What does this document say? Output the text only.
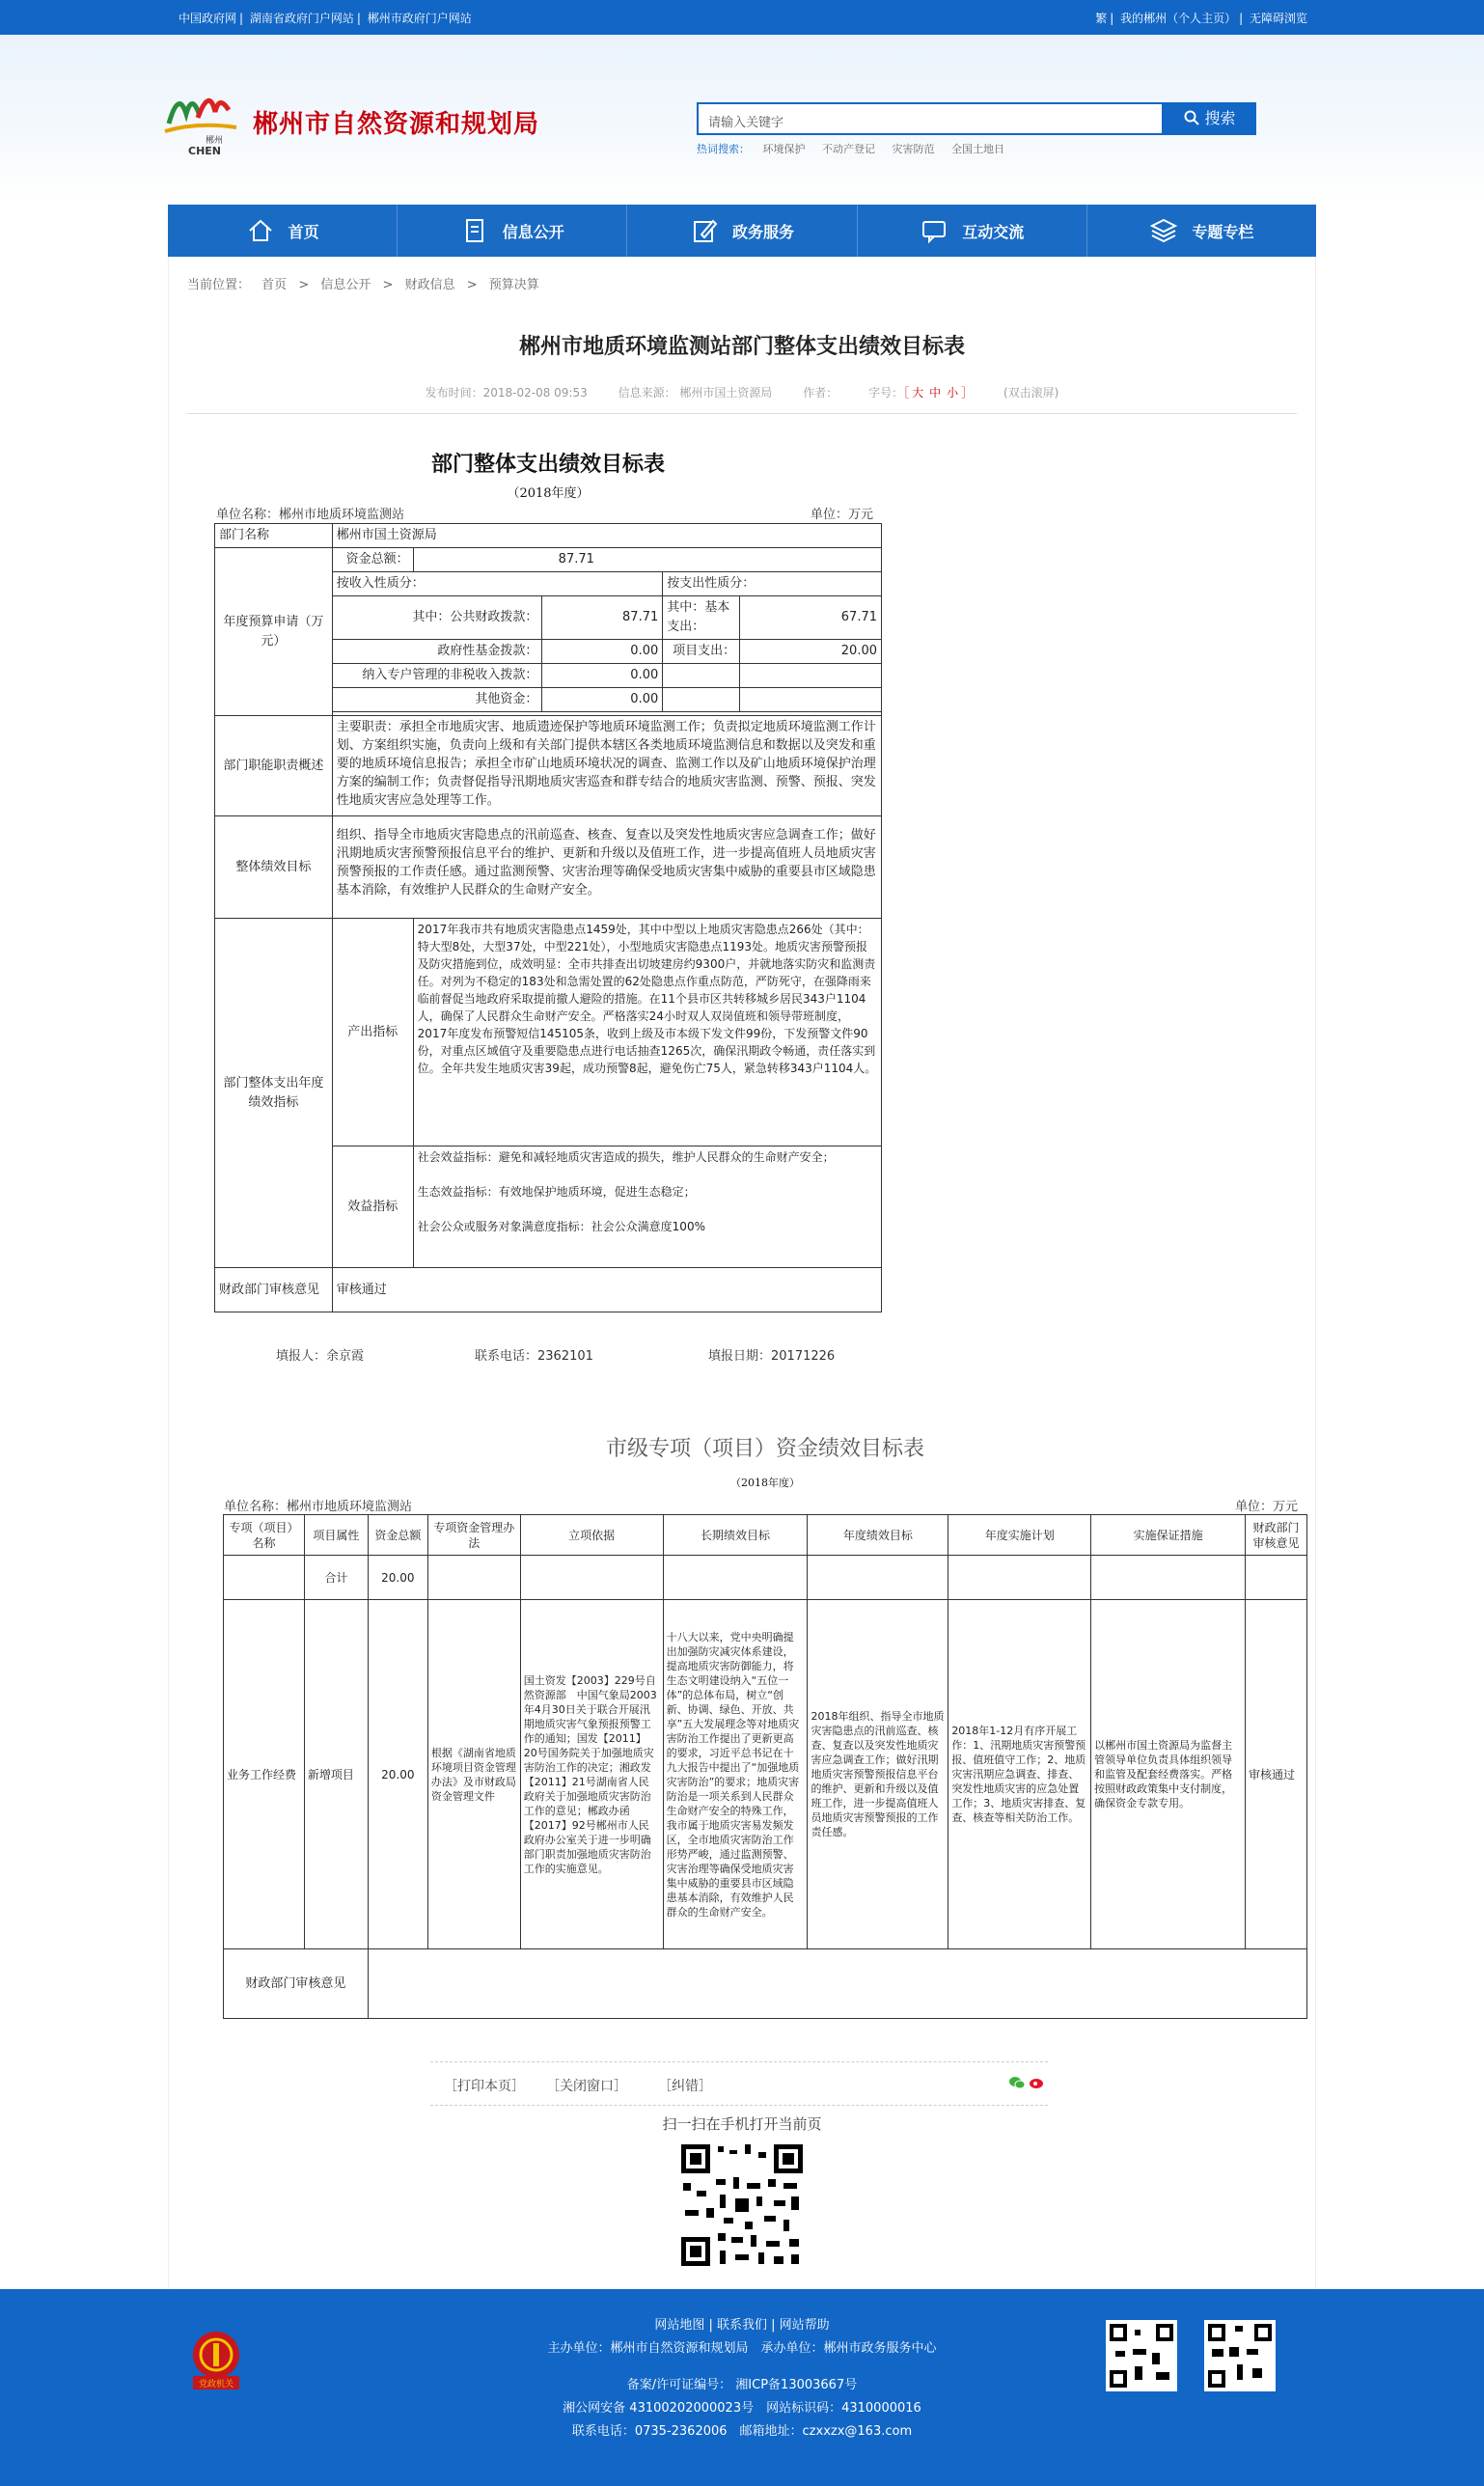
中国政府网 | 湖南省政府门户网站 | 郴州市政府门户网站	繁 | 我的郴州（个人主页） | 无障碍浏览
郴州
CHEN
郴州市自然资源和规划局	请输入关键字	搜索
热词搜索： 环境保护 不动产登记 灾害防范 全国土地日
首页	信息公开	政务服务	互动交流	专题专栏
当前位置： 首页 > 信息公开 > 财政信息 > 预算决算
郴州市地质环境监测站部门整体支出绩效目标表
发布时间：2018-02-08 09:53	信息来源： 郴州市国土资源局	作者：	字号：［ 大 中 小 ］	(双击滚屏)
部门整体支出绩效目标表
（2018年度）
单位名称：郴州市地质环境监测站	单位：万元
部门名称	郴州市国土资源局				
年度预算申请（万元）	资金总额：	87.71			
	按收入性质分：			按支出性质分：	
	其中：公共财政拨款：		87.71	其中：基本支出：	67.71
	政府性基金拨款：		0.00	项目支出：	20.00
	纳入专户管理的非税收入拨款：		0.00		
	其他资金：		0.00		

部门职能职责概述	主要职责：承担全市地质灾害、地质遗迹保护等地质环境监测工作；负责拟定地质环境监测工作计划、方案组织实施，负责向上级和有关部门提供本辖区各类地质环境监测信息和数据以及突发和重要的地质环境信息报告；承担全市矿山地质环境状况的调查、监测工作以及矿山地质环境保护治理方案的编制工作；负责督促指导汛期地质灾害巡查和群专结合的地质灾害监测、预警、预报、突发性地质灾害应急处理等工作。				
整体绩效目标	组织、指导全市地质灾害隐患点的汛前巡查、核查、复查以及突发性地质灾害应急调查工作；做好汛期地质灾害预警预报信息平台的维护、更新和升级以及值班工作，进一步提高值班人员地质灾害预警预报的工作责任感。通过监测预警、灾害治理等确保受地质灾害集中威胁的重要县市区域隐患基本消除，有效维护人民群众的生命财产安全。				
部门整体支出年度绩效指标	产出指标	2017年我市共有地质灾害隐患点1459处，其中中型以上地质灾害隐患点266处（其中：特大型8处，大型37处，中型221处），小型地质灾害隐患点1193处。地质灾害预警预报及防灾措施到位，成效明显：全市共排查出切坡建房约9300户，并就地落实防灾和监测责任。对列为不稳定的183处和急需处置的62处隐患点作重点防范，严防死守，在强降雨来临前督促当地政府采取提前撤人避险的措施。在11个县市区共转移城乡居民343户1104人，确保了人民群众生命财产安全。严格落实24小时双人双岗值班和领导带班制度，2017年度发布预警短信145105条，收到上级及市本级下发文件99份，下发预警文件90份，对重点区域值守及重要隐患点进行电话抽查1265次，确保汛期政令畅通，责任落实到位。全年共发生地质灾害39起，成功预警8起，避免伤亡75人，紧急转移343户1104人。			
	效益指标	社会效益指标：避免和减轻地质灾害造成的损失，维护人民群众的生命财产安全；
生态效益指标：有效地保护地质环境，促进生态稳定；
社会公众或服务对象满意度指标：社会公众满意度100%			

财政部门审核意见	审核通过				
填报人：余京霞	联系电话：2362101	填报日期：20171226
市级专项（项目）资金绩效目标表
（2018年度）
单位名称：郴州市地质环境监测站	单位：万元
专项（项目）名称	项目属性	资金总额	专项资金管理办法	立项依据	长期绩效目标	年度绩效目标	年度实施计划	实施保证措施	财政部门审核意见
	合计	20.00							
业务工作经费	新增项目	20.00	根据《湖南省地质环境项目资金管理办法》及市财政局资金管理文件	国土资发【2003】229号自然资源部　中国气象局2003年4月30日关于联合开展汛期地质灾害气象预报预警工作的通知；国发【2011】20号国务院关于加强地质灾害防治工作的决定；湘政发【2011】21号湖南省人民政府关于加强地质灾害防治工作的意见；郴政办函【2017】92号郴州市人民政府办公室关于进一步明确部门职责加强地质灾害防治工作的实施意见。	十八大以来，党中央明确提出加强防灾减灾体系建设，提高地质灾害防御能力，将生态文明建设纳入“五位一体”的总体布局，树立“创新、协调、绿色、开放、共享”五大发展理念等对地质灾害防治工作提出了更新更高的要求，习近平总书记在十九大报告中提出了“加强地质灾害防治”的要求；地质灾害防治是一项关系到人民群众生命财产安全的特殊工作，我市属于地质灾害易发频发区，全市地质灾害防治工作形势严峻，通过监测预警、灾害治理等确保受地质灾害集中威胁的重要县市区域隐患基本消除，有效维护人民群众的生命财产安全。	2018年组织、指导全市地质灾害隐患点的汛前巡查、核查、复查以及突发性地质灾害应急调查工作；做好汛期地质灾害预警预报信息平台的维护、更新和升级以及值班工作，进一步提高值班人员地质灾害预警预报的工作责任感。	2018年1-12月有序开展工作：1、汛期地质灾害预警预报、值班值守工作；2、地质灾害汛期应急调查、排查、突发性地质灾害的应急处置工作；3、地质灾害排查、复查、核查等相关防治工作。	以郴州市国土资源局为监督主管领导单位负责具体组织领导和监管及配套经费落实。严格按照财政政策集中支付制度，确保资金专款专用。	审核通过
财政部门审核意见									
［打印本页］ ［关闭窗口］ ［纠错］
扫一扫在手机打开当前页
网站地图 | 联系我们 | 网站帮助
主办单位：郴州市自然资源和规划局　承办单位：郴州市政务服务中心
备案/许可证编号： 湘ICP备13003667号
湘公网安备 43100202000023号　网站标识码：4310000016
联系电话：0735-2362006　邮箱地址：czxxzx@163.com
党政机关
